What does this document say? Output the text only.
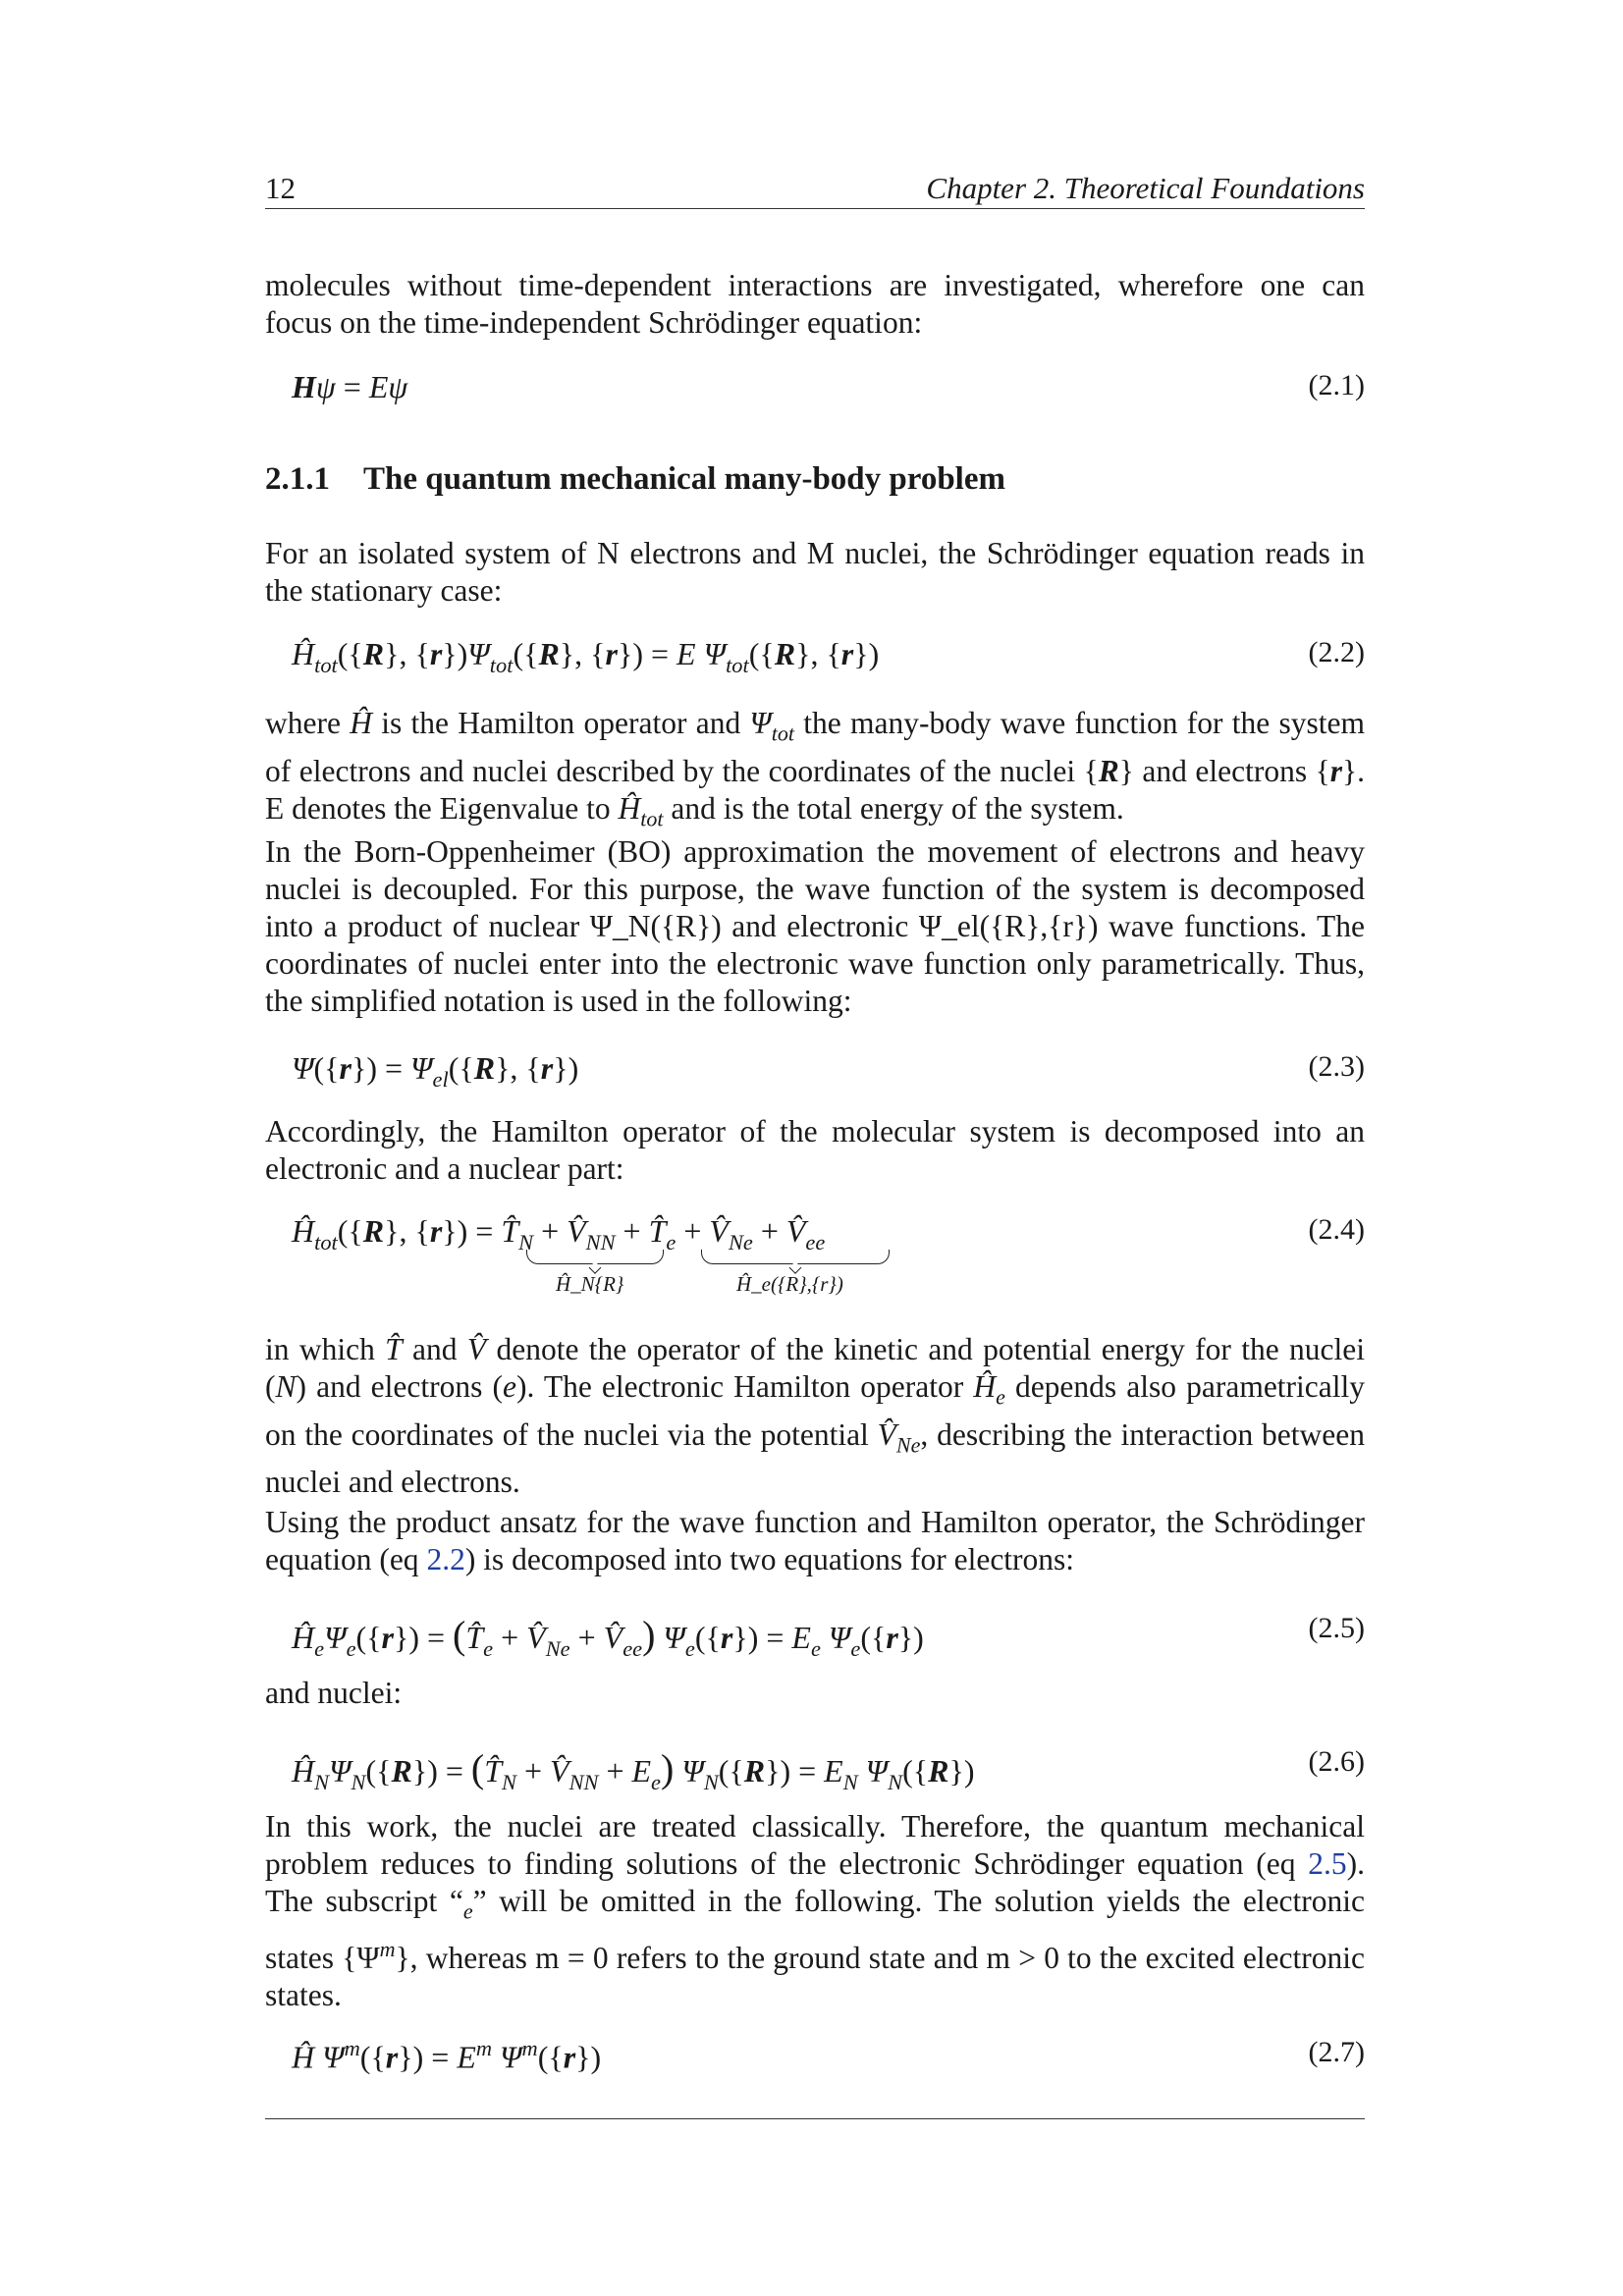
12	Chapter 2. Theoretical Foundations
molecules without time-dependent interactions are investigated, wherefore one can focus on the time-independent Schrödinger equation:
Hψ = Eψ	(2.1)
2.1.1 The quantum mechanical many-body problem
For an isolated system of N electrons and M nuclei, the Schrödinger equation reads in the stationary case:
$Ĥ_{tot}(\{R\}$, $\{r\})\Psi_{tot}(\{R\}$, {r}) = E $\Psi_{tot}(\{R\}$, {r})	(2.2)
where Ĥ is the Hamilton operator and $\Psi_{tot}$ the many-body wave function for the system of electrons and nuclei described by the coordinates of the nuclei {R} and electrons {r}. E denotes the Eigenvalue to $Ĥ_{tot}$ and is the total energy of the system.
In the Born-Oppenheimer (BO) approximation the movement of electrons and heavy nuclei is decoupled. For this purpose, the wave function of the system is decomposed into a product of nuclear Ψ_N({R}) and electronic Ψ_el({R},{r}) wave functions. The coordinates of nuclei enter into the electronic wave function only parametrically. Thus, the simplified notation is used in the following:
$\Psi(\{r\}) = \Psi_{el}(\{R\}$, {r})	(2.3)
Accordingly, the Hamilton operator of the molecular system is decomposed into an electronic and a nuclear part:
$Ĥ_{tot}(\{R\}$, $\{r\}) = T̂_N$ + $V̂_{NN}$ + $T̂_e$ + $V̂_{Ne}$ + $V̂_{ee}$
Ĥ_N{R}	Ĥ_e({R},{r})
(2.4)
in which T̂ and V̂ denote the operator of the kinetic and potential energy for the nuclei (N) and electrons (e). The electronic Hamilton operator $Ĥ_e$ depends also parametrically on the coordinates of the nuclei via the potential $V̂_{Ne}$, describing the interaction between nuclei and electrons.
Using the product ansatz for the wave function and Hamilton operator, the Schrödinger equation (eq 2.2) is decomposed into two equations for electrons:
$Ĥ_e\Psi_e(\{r\})$ = ($T̂_e$ + $V̂_{Ne}$ + $V̂_{ee}$) $\Psi_e(\{r\}) = E_e$ $\Psi_e(\{r\})$	(2.5)
and nuclei:
$Ĥ_N\Psi_N(\{R\})$ = ($T̂_N$ + $V̂_{NN} + E_e$) $\Psi_N(\{R\}) = E_N$ $\Psi_N(\{R\})$	(2.6)
In this work, the nuclei are treated classically. Therefore, the quantum mechanical problem reduces to finding solutions of the electronic Schrödinger equation (eq 2.5). The subscript “$_e$” will be omitted in the following. The solution yields the electronic states $\{\Psi^m\}$, whereas m = 0 refers to the ground state and m > 0 to the excited electronic states.
Ĥ $\Psi^m(\{r\}) = E^m$ $\Psi^m(\{r\})$	(2.7)
